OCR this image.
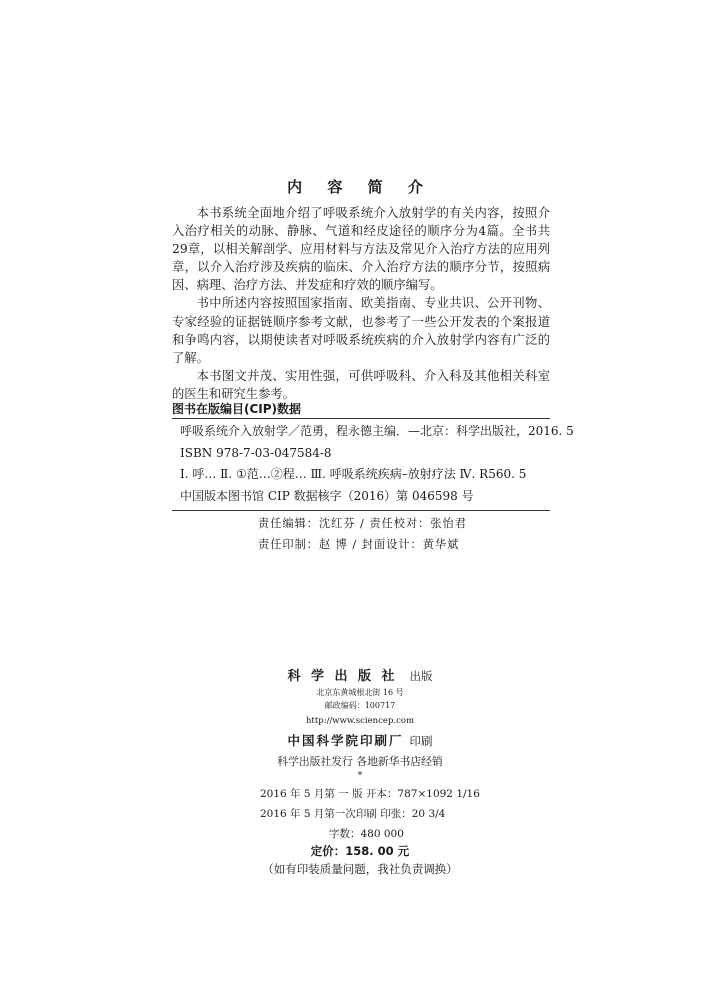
内 容 简 介

本书系统全面地介绍了呼吸系统介入放射学的有关内容，按照介入治疗相关的动脉、静脉、气道和经皮途径的顺序分为4篇。全书共29章，以相关解剖学、应用材料与方法及常见介入治疗方法的应用列章，以介入治疗涉及疾病的临床、介入治疗方法的顺序分节，按照病因、病理、治疗方法、并发症和疗效的顺序编写。

书中所述内容按照国家指南、欧美指南、专业共识、公开刊物、专家经验的证据链顺序参考文献，也参考了一些公开发表的个案报道和争鸣内容，以期使读者对呼吸系统疾病的介入放射学内容有广泛的了解。

本书图文并茂、实用性强，可供呼吸科、介入科及其他相关科室的医生和研究生参考。

图书在版编目(CIP)数据
呼吸系统介入放射学／范勇，程永德主编．—北京：科学出版社，2016. 5
ISBN 978-7-03-047584-8
Ⅰ. 呼… Ⅱ. ①范…②程… Ⅲ. 呼吸系统疾病–放射疗法 Ⅳ. R560. 5
中国版本图书馆 CIP 数据核字（2016）第 046598 号
责任编辑：沈红芬 / 责任校对：张怡君
责任印制：赵 博 / 封面设计：黄华斌
科 学 出 版 社 出版
北京东黄城根北街 16 号
邮政编码：100717
http://www.sciencep.com
中国科学院印刷厂 印刷
科学出版社发行 各地新华书店经销
*
2016 年 5 月第 一 版 开本：787×1092 1/16
2016 年 5 月第一次印刷 印张：20 3/4
字数：480 000
定价：158. 00 元
（如有印装质量问题，我社负责调换）
